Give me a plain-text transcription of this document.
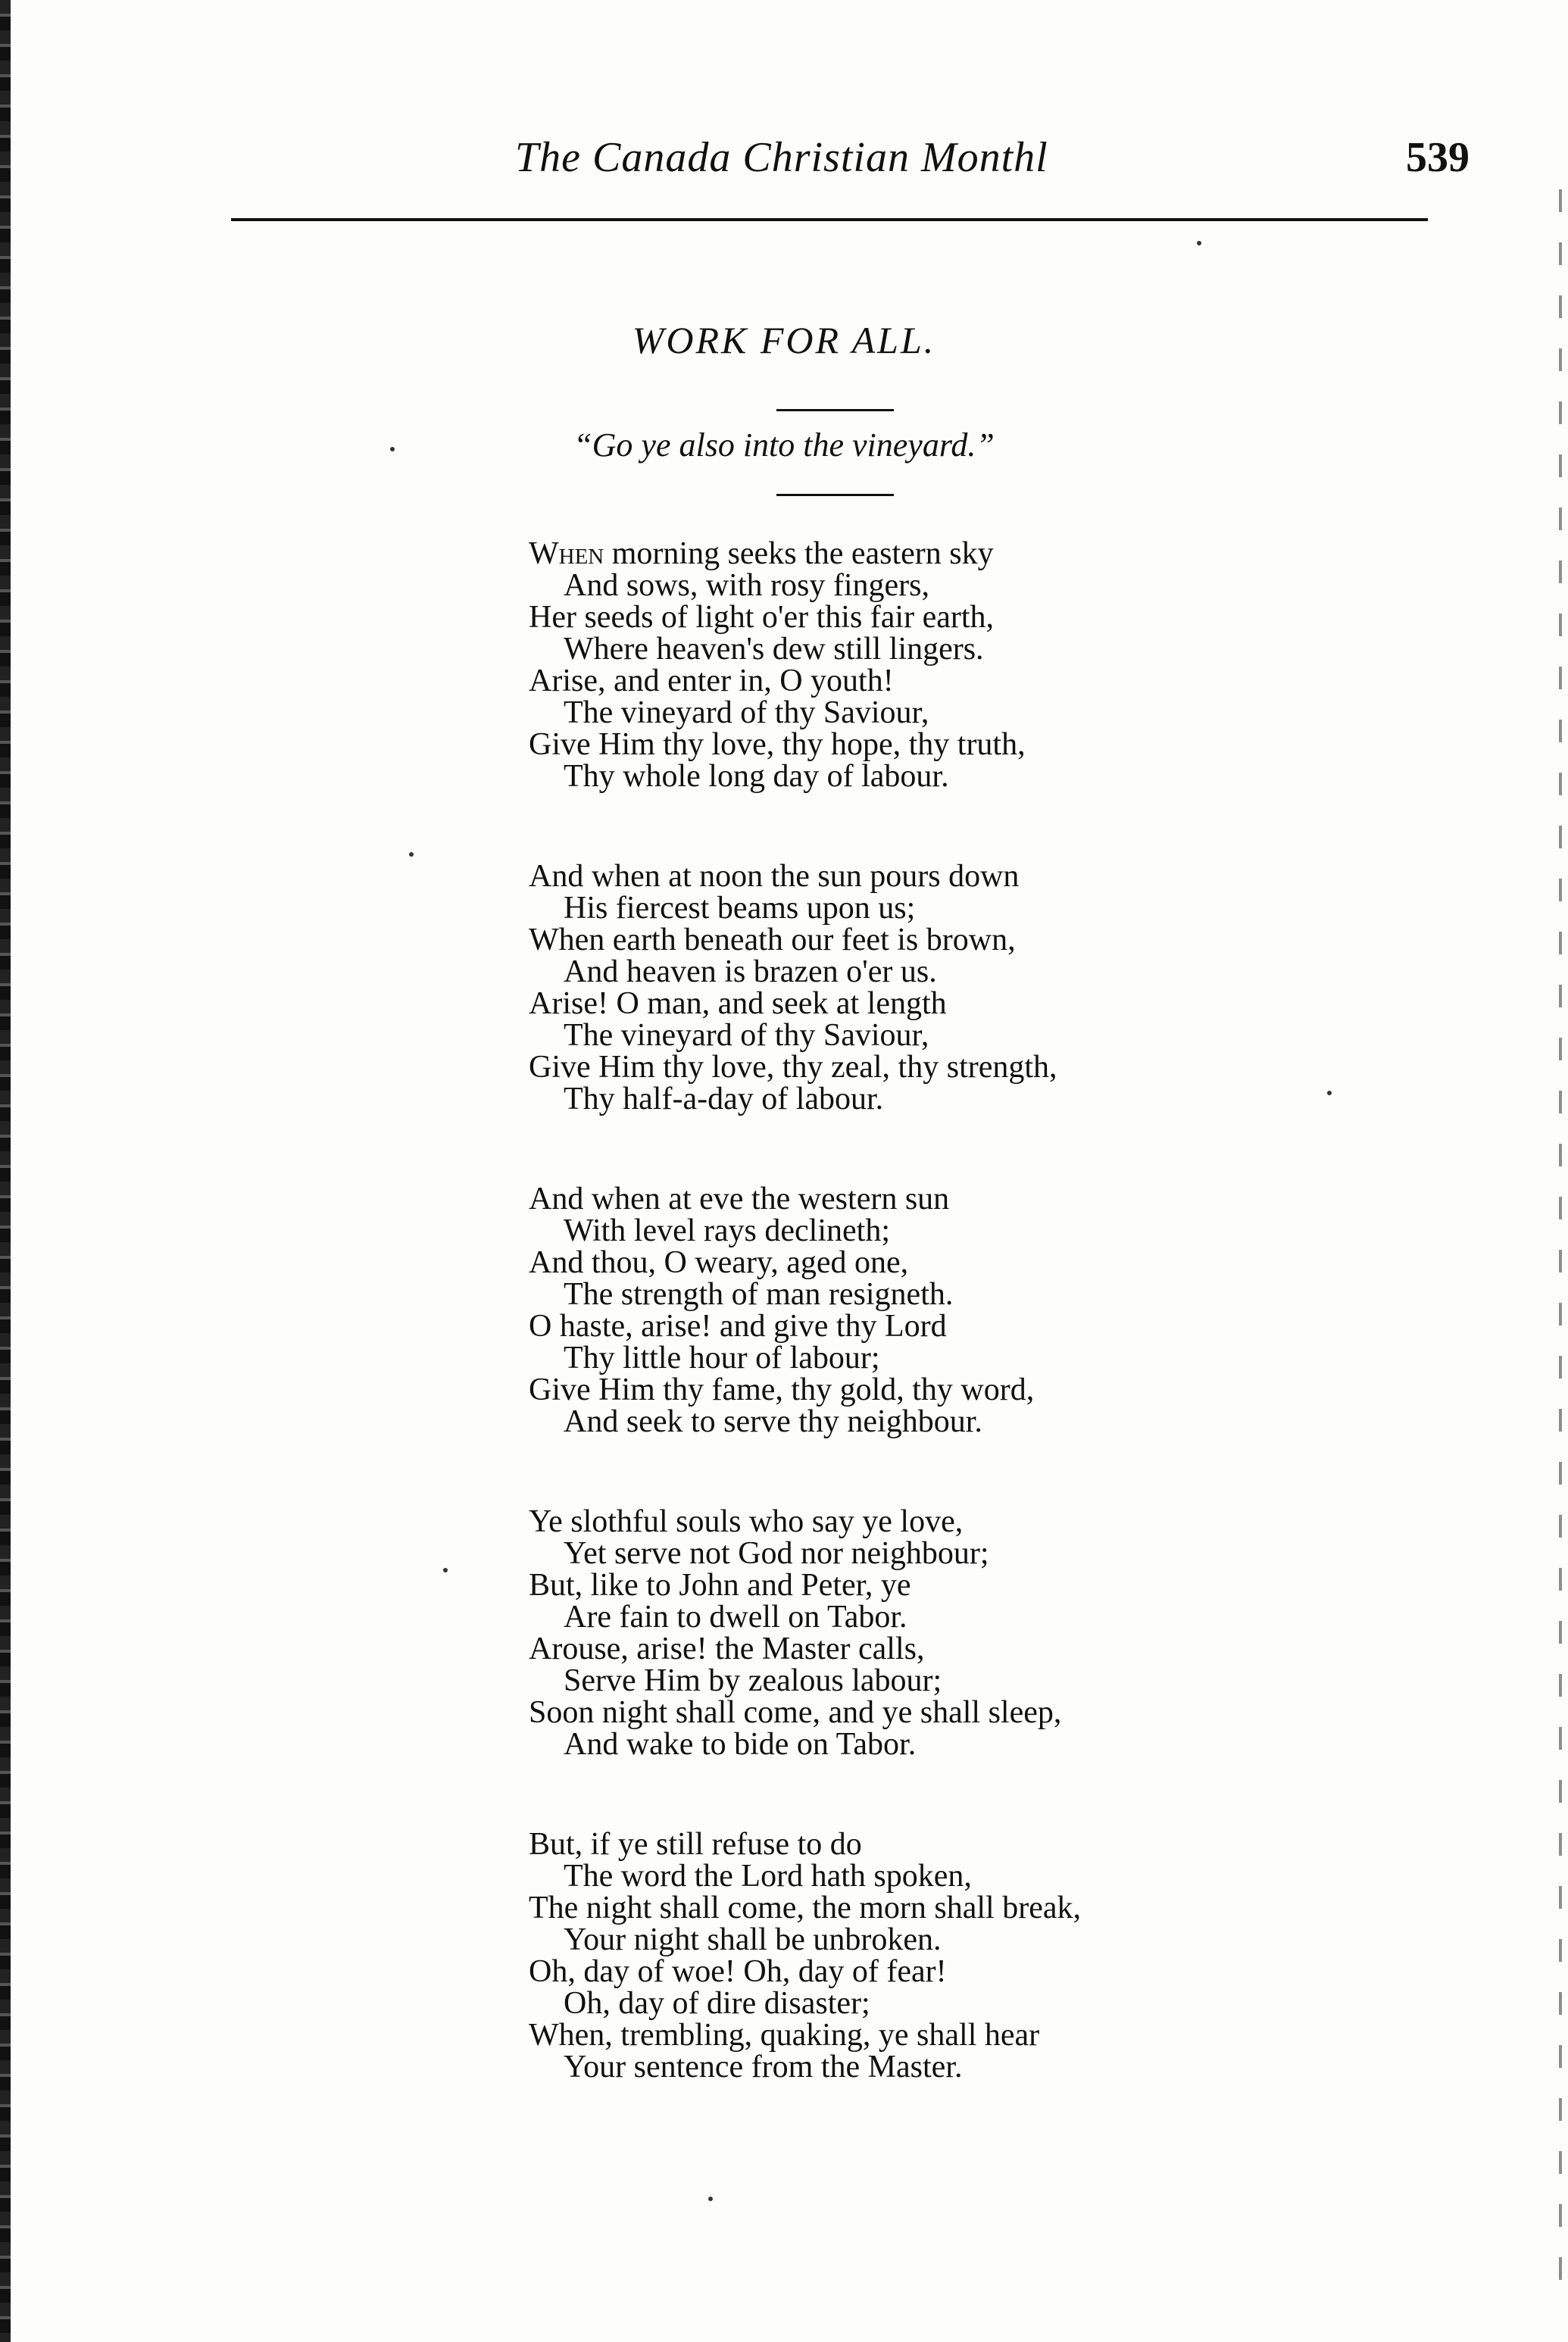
The Canada Christian Monthl	539
WORK FOR ALL.
“Go ye also into the vineyard.”
When morning seeks the eastern sky
And sows, with rosy fingers,
Her seeds of light o'er this fair earth,
Where heaven's dew still lingers.
Arise, and enter in, O youth!
The vineyard of thy Saviour,
Give Him thy love, thy hope, thy truth,
Thy whole long day of labour.
And when at noon the sun pours down
His fiercest beams upon us;
When earth beneath our feet is brown,
And heaven is brazen o'er us.
Arise! O man, and seek at length
The vineyard of thy Saviour,
Give Him thy love, thy zeal, thy strength,
Thy half-a-day of labour.
And when at eve the western sun
With level rays declineth;
And thou, O weary, aged one,
The strength of man resigneth.
O haste, arise! and give thy Lord
Thy little hour of labour;
Give Him thy fame, thy gold, thy word,
And seek to serve thy neighbour.
Ye slothful souls who say ye love,
Yet serve not God nor neighbour;
But, like to John and Peter, ye
Are fain to dwell on Tabor.
Arouse, arise! the Master calls,
Serve Him by zealous labour;
Soon night shall come, and ye shall sleep,
And wake to bide on Tabor.
But, if ye still refuse to do
The word the Lord hath spoken,
The night shall come, the morn shall break,
Your night shall be unbroken.
Oh, day of woe! Oh, day of fear!
Oh, day of dire disaster;
When, trembling, quaking, ye shall hear
Your sentence from the Master.
